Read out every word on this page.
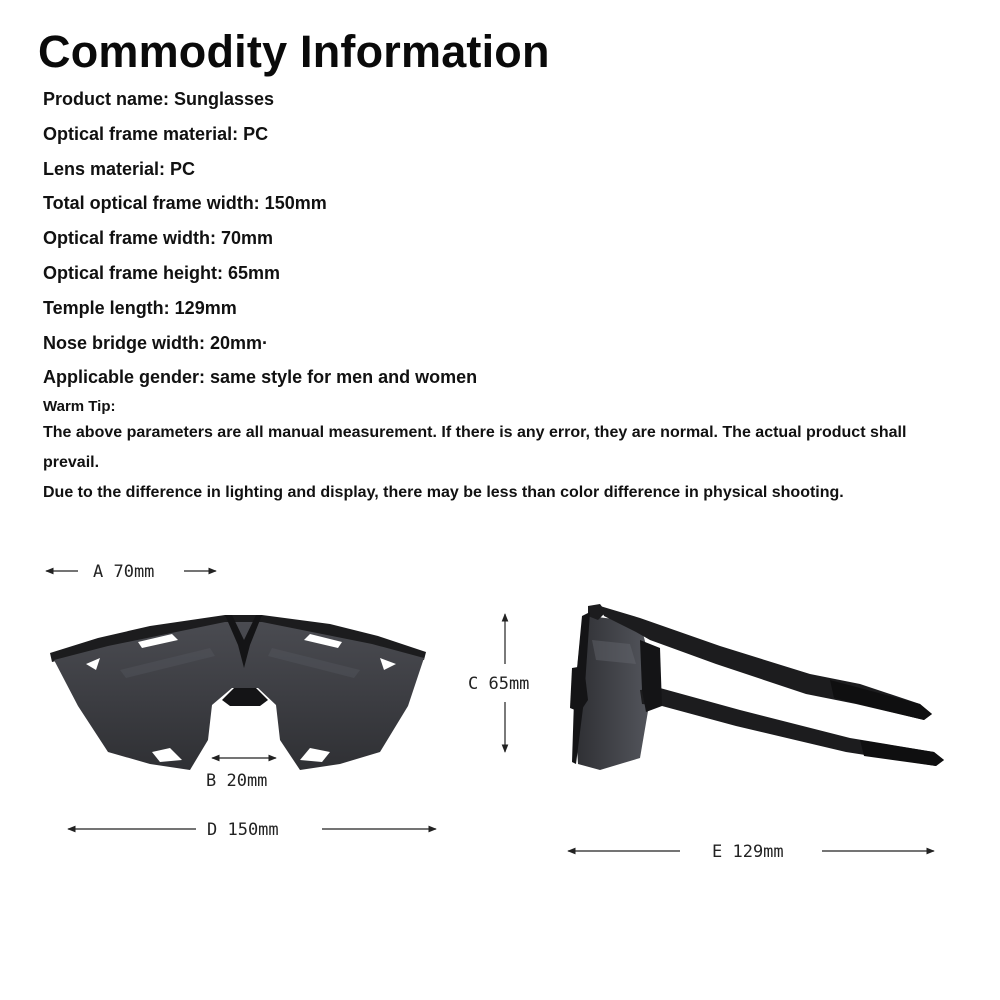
Commodity Information
Product name: Sunglasses
Optical frame material: PC
Lens material: PC
Total optical frame width: 150mm
Optical frame width: 70mm
Optical frame height: 65mm
Temple length: 129mm
Nose bridge width: 20mm·
Applicable gender: same style for men and women
Warm Tip:
The above parameters are all manual measurement. If there is any error, they are normal. The actual product shall
prevail.
Due to the difference in lighting and display, there may be less than color difference in physical shooting.
A 70mm
B 20mm
D 150mm
C 65mm
E 129mm
